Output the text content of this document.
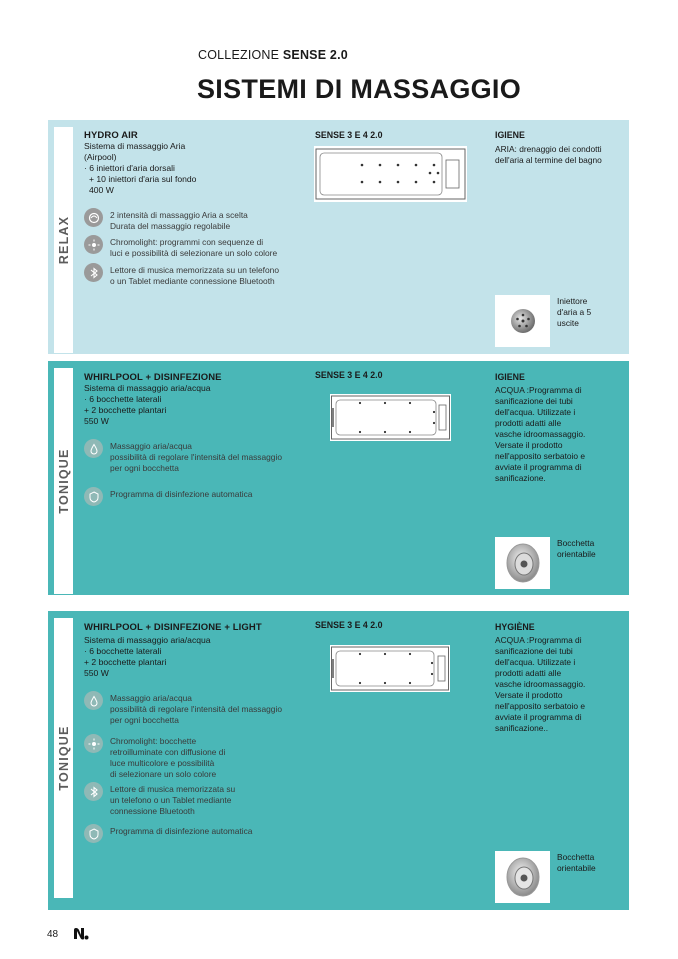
COLLEZIONE SENSE 2.0
SISTEMI DI MASSAGGIO
RELAX
HYDRO AIR
Sistema di massaggio Aria
(Airpool)
· 6 iniettori d'aria dorsali
+ 10 iniettori d'aria sul fondo
400 W
2 intensità di massaggio Aria a scelta
Durata del massaggio regolabile
Chromolight: programmi con sequenze di
luci e possibilità di selezionare un solo colore
Lettore di musica memorizzata su un telefono
o un Tablet mediante connessione Bluetooth
SENSE 3 E 4 2.0	IGIENE
ARIA: drenaggio dei condotti
dell'aria al termine del bagno
Iniettore
d'aria a 5
uscite
TONIQUE
WHIRLPOOL + DISINFEZIONE
Sistema di massaggio aria/acqua
· 6 bocchette laterali
+ 2 bocchette plantari
550 W
Massaggio aria/acqua
possibilità di regolare l'intensità del massaggio
per ogni bocchetta
Programma di disinfezione automatica
SENSE 3 E 4 2.0	IGIENE
ACQUA :Programma di
sanificazione dei tubi
dell'acqua. Utilizzate i
prodotti adatti alle
vasche idroomassaggio.
Versate il prodotto
nell'apposito serbatoio e
avviate il programma di
sanificazione.
Bocchetta
orientabile
TONIQUE
WHIRLPOOL + DISINFEZIONE + LIGHT
Sistema di massaggio aria/acqua
· 6 bocchette laterali
+ 2 bocchette plantari
550 W
Massaggio aria/acqua
possibilità di regolare l'intensità del massaggio
per ogni bocchetta
Chromolight: bocchette
retroilluminate con diffusione di
luce multicolore e possibilità
di selezionare un solo colore
Lettore di musica memorizzata su
un telefono o un Tablet mediante
connessione Bluetooth
Programma di disinfezione automatica
SENSE 3 E 4 2.0	HYGIÈNE
ACQUA :Programma di
sanificazione dei tubi
dell'acqua. Utilizzate i
prodotti adatti alle
vasche idroomassaggio.
Versate il prodotto
nell'apposito serbatoio e
avviate il programma di
sanificazione..
Bocchetta
orientabile
48
